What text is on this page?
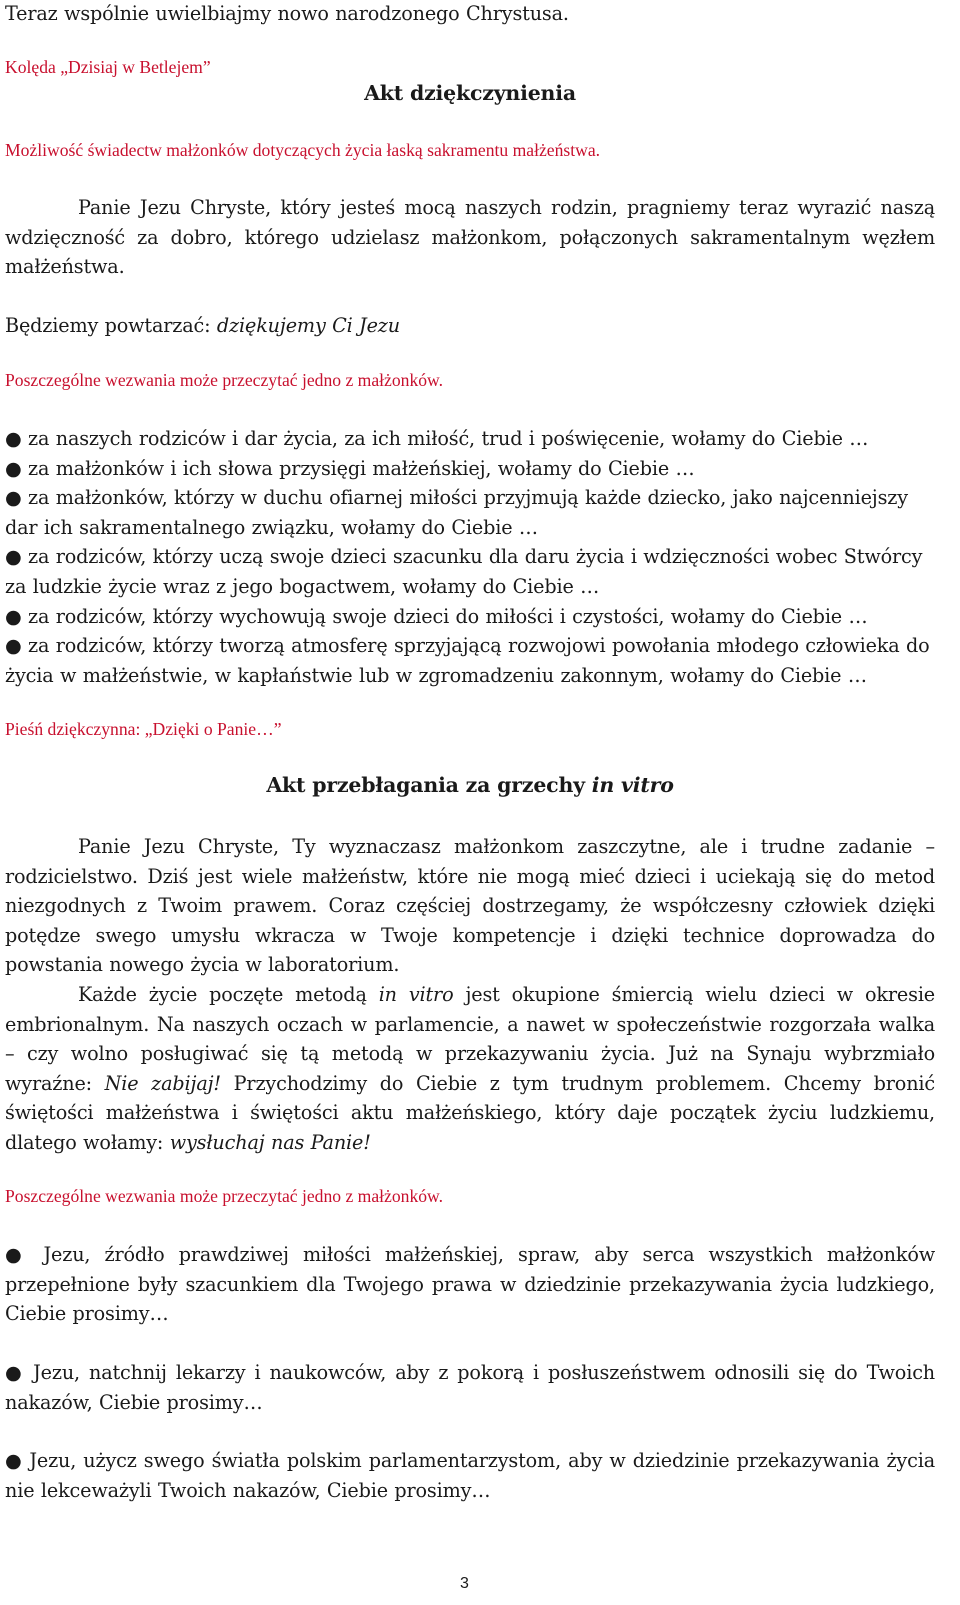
Teraz wspólnie uwielbiajmy nowo narodzonego Chrystusa.

Kolęda „Dzisiaj w Betlejem”

Akt dziękczynienia

Możliwość świadectw małżonków dotyczących życia łaską sakramentu małżeństwa.

Panie Jezu Chryste, który jesteś mocą naszych rodzin, pragniemy teraz wyrazić naszą wdzięczność za dobro, którego udzielasz małżonkom, połączonych sakramentalnym węzłem małżeństwa.

Będziemy powtarzać: dziękujemy Ci Jezu

Poszczególne wezwania może przeczytać jedno z małżonków.

● za naszych rodziców i dar życia, za ich miłość, trud i poświęcenie, wołamy do Ciebie …
● za małżonków i ich słowa przysięgi małżeńskiej, wołamy do Ciebie …
● za małżonków, którzy w duchu ofiarnej miłości przyjmują każde dziecko, jako najcenniejszy dar ich sakramentalnego związku, wołamy do Ciebie …
● za rodziców, którzy uczą swoje dzieci szacunku dla daru życia i wdzięczności wobec Stwórcy za ludzkie życie wraz z jego bogactwem, wołamy do Ciebie …
● za rodziców, którzy wychowują swoje dzieci do miłości i czystości, wołamy do Ciebie …
● za rodziców, którzy tworzą atmosferę sprzyjającą rozwojowi powołania młodego człowieka do życia w małżeństwie, w kapłaństwie lub w zgromadzeniu zakonnym, wołamy do Ciebie …

Pieśń dziękczynna: „Dzięki o Panie…”

Akt przebłagania za grzechy in vitro

Panie Jezu Chryste, Ty wyznaczasz małżonkom zaszczytne, ale i trudne zadanie – rodzicielstwo. Dziś jest wiele małżeństw, które nie mogą mieć dzieci i uciekają się do metod niezgodnych z Twoim prawem. Coraz częściej dostrzegamy, że współczesny człowiek dzięki potędze swego umysłu wkracza w Twoje kompetencje i dzięki technice doprowadza do powstania nowego życia w laboratorium.

Każde życie poczęte metodą in vitro jest okupione śmiercią wielu dzieci w okresie embrionalnym. Na naszych oczach w parlamencie, a nawet w społeczeństwie rozgorzała walka – czy wolno posługiwać się tą metodą w przekazywaniu życia. Już na Synaju wybrzmiało wyraźne: Nie zabijaj! Przychodzimy do Ciebie z tym trudnym problemem. Chcemy bronić świętości małżeństwa i świętości aktu małżeńskiego, który daje początek życiu ludzkiemu, dlatego wołamy: wysłuchaj nas Panie!

Poszczególne wezwania może przeczytać jedno z małżonków.

● Jezu, źródło prawdziwej miłości małżeńskiej, spraw, aby serca wszystkich małżonków przepełnione były szacunkiem dla Twojego prawa w dziedzinie przekazywania życia ludzkiego, Ciebie prosimy…

● Jezu, natchnij lekarzy i naukowców, aby z pokorą i posłuszeństwem odnosili się do Twoich nakazów, Ciebie prosimy…

● Jezu, użycz swego światła polskim parlamentarzystom, aby w dziedzinie przekazywania życia nie lekceważyli Twoich nakazów, Ciebie prosimy…

3
